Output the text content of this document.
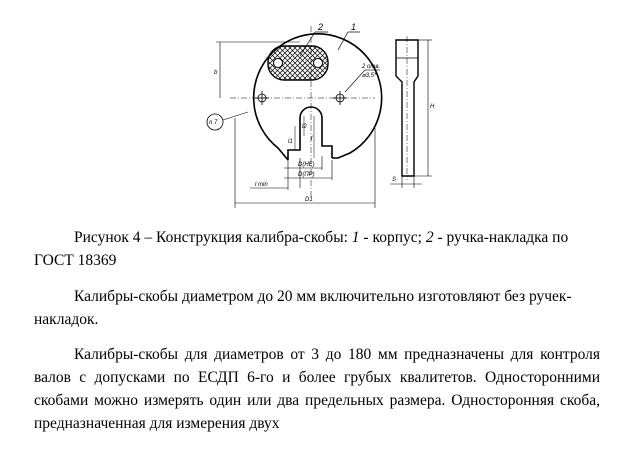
2	1
b
n 7
2 отв.
⌀3,5*
l1
l2
l
D(HE)
D(ПР)
l min
D1
H
S
Рисунок 4 – Конструкция калибра-скобы: 1 - корпус; 2 - ручка-накладка по ГОСТ 18369
Калибры-скобы диаметром до 20 мм включительно изготовляют без ручек-накладок.
Калибры-скобы для диаметров от 3 до 180 мм предназначены для контроля валов с допусками по ЕСДП 6-го и более грубых квалитетов. Односторонними скобами можно измерять один или два предельных размера. Односторонняя скоба, предназначенная для измерения двух
